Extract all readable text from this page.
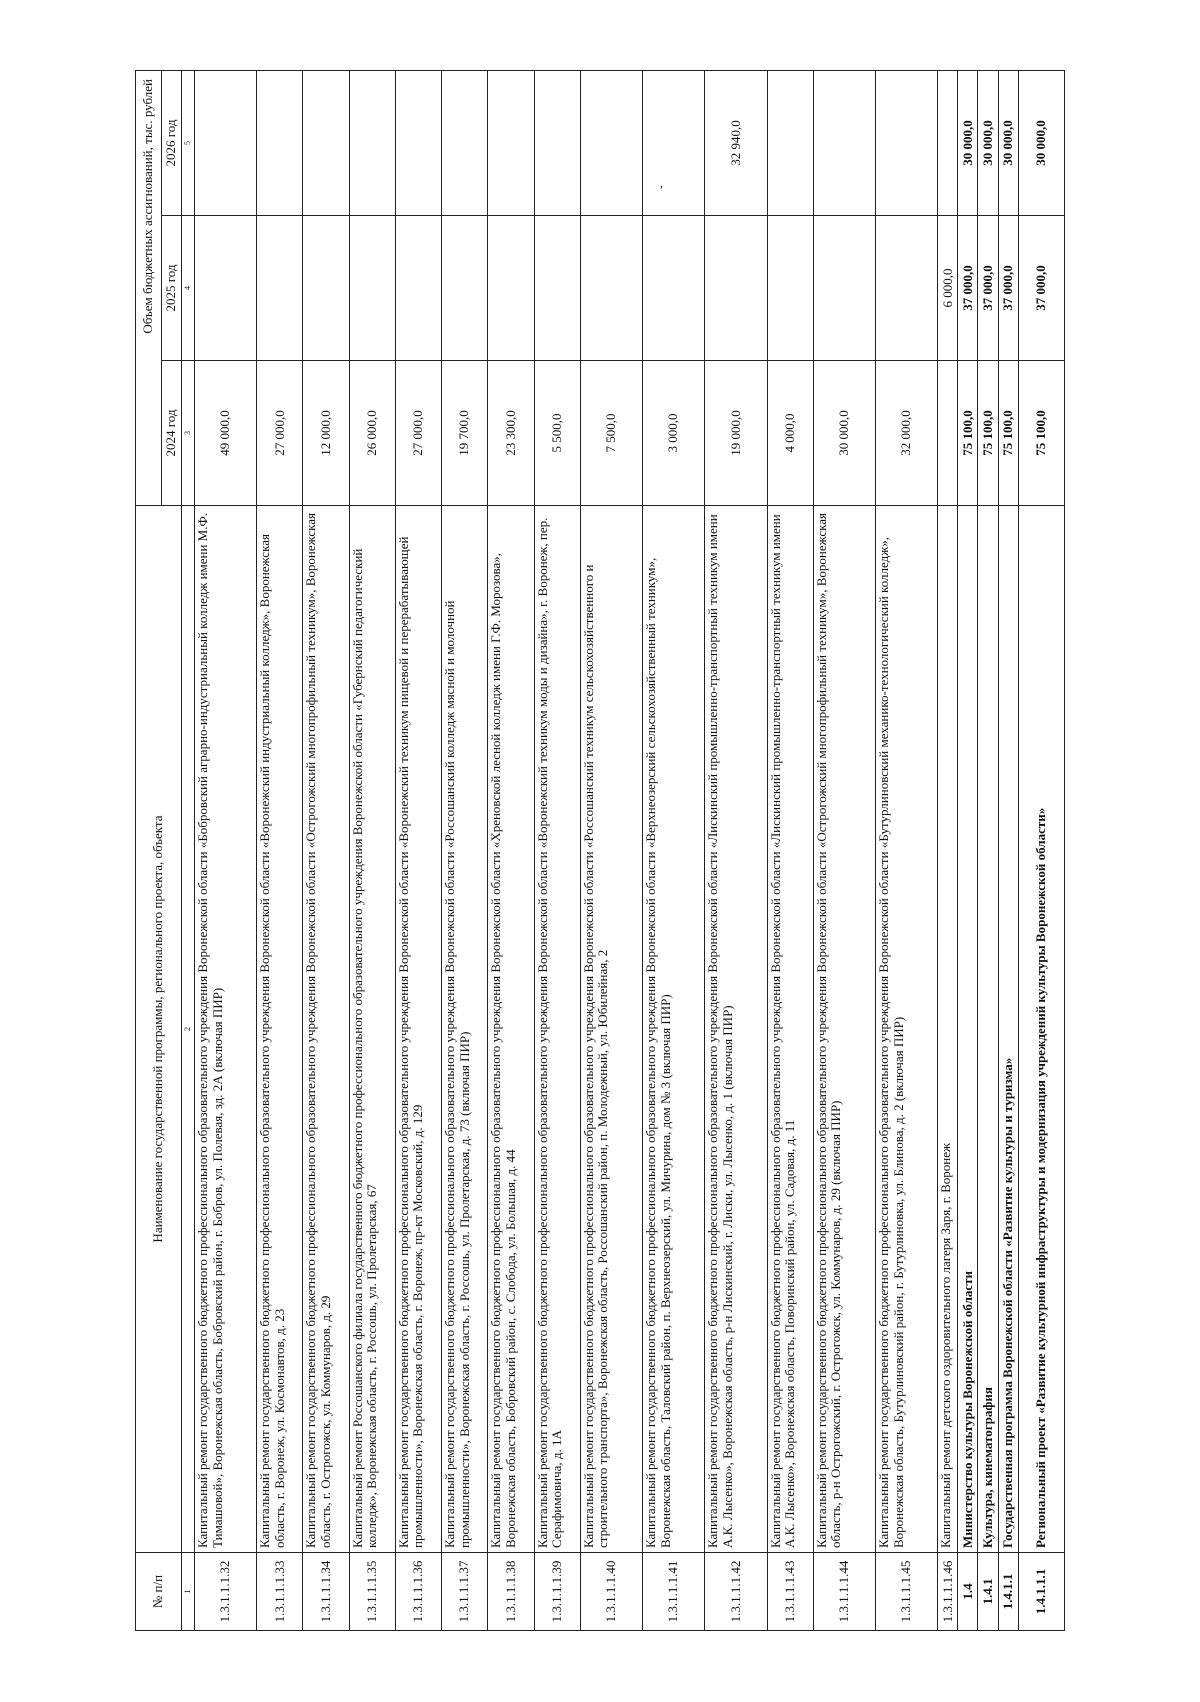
,
№ п/п	Наименование государственной программы, регионального проекта, объекта	Объем бюджетных ассигнований, тыс. рублей		
		2024 год	2025 год	2026 год
1	2	3	4	5
1.3.1.1.1.32	Капитальный ремонт государственного бюджетного профессионального образовательного учреждения Воронежской области «Бобровский аграрно-индустриальный колледж имени М.Ф. Тимашовой», Воронежская область, Бобровский район, г. Бобров, ул. Полевая, зд. 2А (включая ПИР)	49 000,0		
1.3.1.1.1.33	Капитальный ремонт государственного бюджетного профессионального образовательного учреждения Воронежской области «Воронежский индустриальный колледж», Воронежская область, г. Воронеж, ул. Космонавтов, д. 23	27 000,0		
1.3.1.1.1.34	Капитальный ремонт государственного бюджетного профессионального образовательного учреждения Воронежской области «Острогожский многопрофильный техникум», Воронежская область, г. Острогожск, ул. Коммунаров, д. 29	12 000,0		
1.3.1.1.1.35	Капитальный ремонт Россошанского филиала государственного бюджетного профессионального образовательного учреждения Воронежской области «Губернский педагогический колледж», Воронежская область, г. Россошь, ул. Пролетарская, 67	26 000,0		
1.3.1.1.1.36	Капитальный ремонт государственного бюджетного профессионального образовательного учреждения Воронежской области «Воронежский техникум пищевой и перерабатывающей промышленности», Воронежская область, г. Воронеж, пр-кт Московский, д. 129	27 000,0		
1.3.1.1.1.37	Капитальный ремонт государственного бюджетного профессионального образовательного учреждения Воронежской области «Россошанский колледж мясной и молочной промышленности», Воронежская область, г. Россошь, ул. Пролетарская, д. 73 (включая ПИР)	19 700,0		
1.3.1.1.1.38	Капитальный ремонт государственного бюджетного профессионального образовательного учреждения Воронежской области «Хреновской лесной колледж имени Г.Ф. Морозова», Воронежская область, Бобровский район, с. Слобода, ул. Большая, д. 44	23 300,0		
1.3.1.1.1.39	Капитальный ремонт государственного бюджетного профессионального образовательного учреждения Воронежской области «Воронежский техникум моды и дизайна», г. Воронеж, пер. Серафимовича, д. 1А	5 500,0		
1.3.1.1.1.40	Капитальный ремонт государственного бюджетного профессионального образовательного учреждения Воронежской области «Россошанский техникум сельскохозяйственного и строительного транспорта», Воронежская область, Россошанский район, п. Молодежный, ул. Юбилейная, 2	7 500,0		
1.3.1.1.1.41	Капитальный ремонт государственного бюджетного профессионального образовательного учреждения Воронежской области «Верхнеозерский сельскохозяйственный техникум», Воронежская область, Таловский район, п. Верхнеозерский, ул. Мичурина, дом № 3 (включая ПИР)	3 000,0		
1.3.1.1.1.42	Капитальный ремонт государственного бюджетного профессионального образовательного учреждения Воронежской области «Лискинский промышленно-транспортный техникум имени А.К. Лысенко», Воронежская область, р-н Лискинский, г. Лиски, ул. Лысенко, д. 1 (включая ПИР)	19 000,0		32 940,0
1.3.1.1.1.43	Капитальный ремонт государственного бюджетного профессионального образовательного учреждения Воронежской области «Лискинский промышленно-транспортный техникум имени А.К. Лысенко», Воронежская область, Поворинский район, ул. Садовая, д. 11	4 000,0		
1.3.1.1.1.44	Капитальный ремонт государственного бюджетного профессионального образовательного учреждения Воронежской области «Острогожский многопрофильный техникум», Воронежская область, р-н Острогожский, г. Острогожск, ул. Коммунаров, д. 29 (включая ПИР)	30 000,0		
1.3.1.1.1.45	Капитальный ремонт государственного бюджетного профессионального образовательного учреждения Воронежской области «Бутурлиновский механико-технологический колледж», Воронежская область, Бутурлиновский район, г. Бутурлиновка, ул. Блинова, д. 2 (включая ПИР)	32 000,0		
1.3.1.1.1.46	Капитальный ремонт детского оздоровительного лагеря Заря, г. Воронеж		6 000,0	
1.4	Министерство культуры Воронежской области	75 100,0	37 000,0	30 000,0
1.4.1	Культура, кинематография	75 100,0	37 000,0	30 000,0
1.4.1.1	Государственная программа Воронежской области «Развитие культуры и туризма»	75 100,0	37 000,0	30 000,0
1.4.1.1.1	Региональный проект «Развитие культурной инфраструктуры и модернизация учреждений культуры Воронежской области»	75 100,0	37 000,0	30 000,0
